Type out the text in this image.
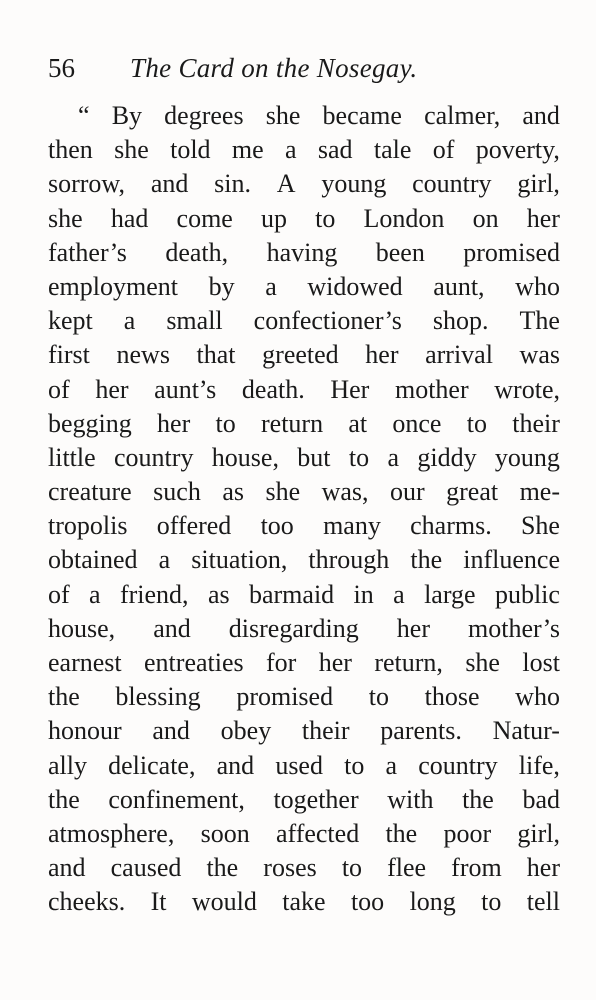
56 The Card on the Nosegay.
“ By degrees she became calmer, and
then she told me a sad tale of poverty,
sorrow, and sin. A young country girl,
she had come up to London on her
father’s death, having been promised
employment by a widowed aunt, who
kept a small confectioner’s shop. The
first news that greeted her arrival was
of her aunt’s death. Her mother wrote,
begging her to return at once to their
little country house, but to a giddy young
creature such as she was, our great me-
tropolis offered too many charms. She
obtained a situation, through the influence
of a friend, as barmaid in a large public
house, and disregarding her mother’s
earnest entreaties for her return, she lost
the blessing promised to those who
honour and obey their parents. Natur-
ally delicate, and used to a country life,
the confinement, together with the bad
atmosphere, soon affected the poor girl,
and caused the roses to flee from her
cheeks. It would take too long to tell
